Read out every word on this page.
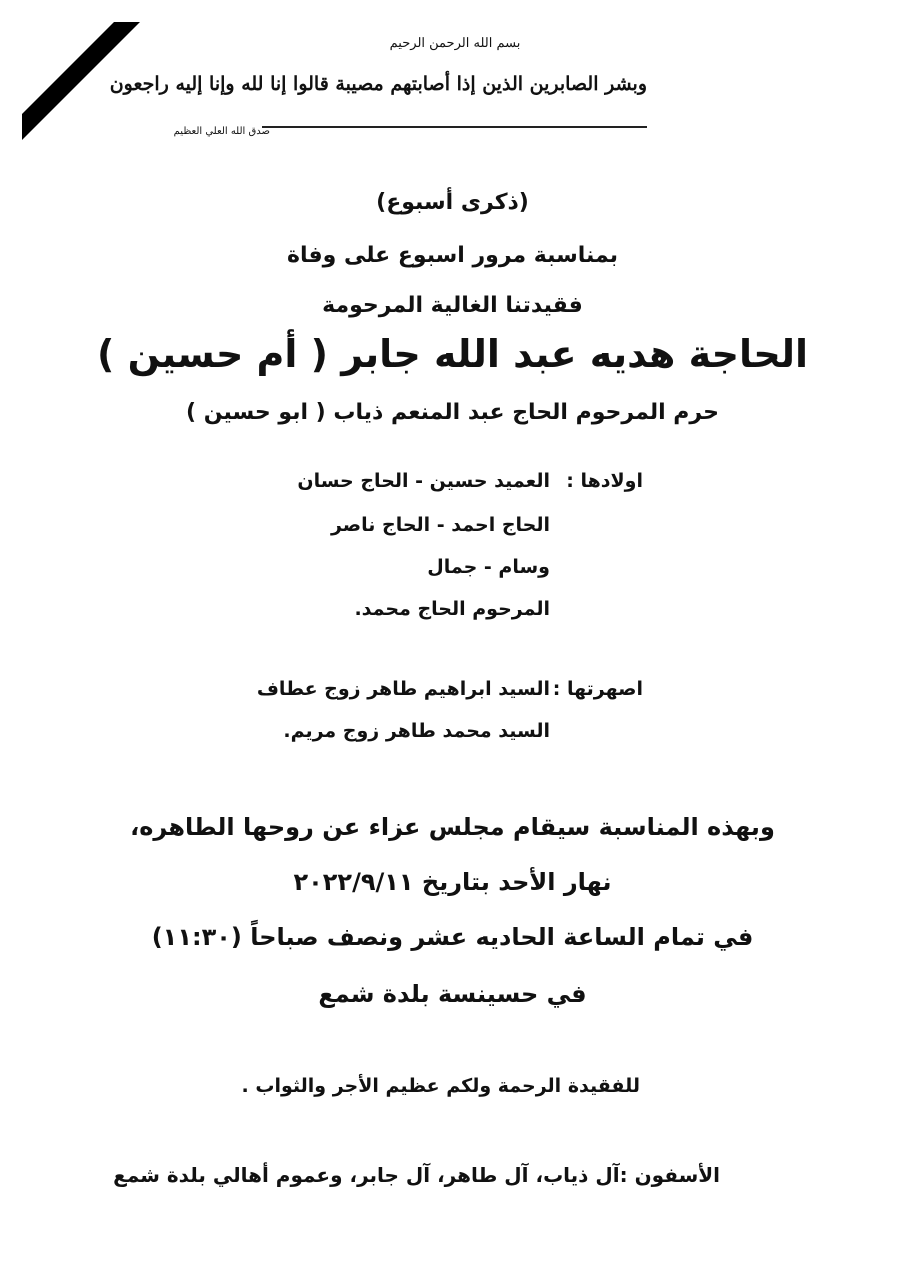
بسم الله الرحمن الرحيم
وبشر الصابرين الذين إذا أصابتهم مصيبة قالوا إنا لله وإنا إليه راجعون
صدق الله العلي العظيم
(ذكرى أسبوع)
بمناسبة مرور اسبوع على وفاة
فقيدتنا الغالية المرحومة
الحاجة هديه عبد الله جابر ( أم حسين )
حرم المرحوم الحاج عبد المنعم ذياب ( ابو حسين )
اولادها :
العميد حسين - الحاج حسان
الحاج احمد - الحاج ناصر
وسام - جمال
المرحوم الحاج محمد.
اصهرتها :
السيد ابراهيم طاهر زوج عطاف
السيد محمد طاهر زوج مريم.
وبهذه المناسبة سيقام مجلس عزاء عن روحها الطاهره،
نهار الأحد بتاريخ ٢٠٢٢/٩/١١
في تمام الساعة الحاديه عشر ونصف صباحاً (١١:٣٠)
في حسينسة بلدة شمع
للفقيدة الرحمة ولكم عظيم الأجر والثواب .
الأسفون :آل ذياب، آل طاهر، آل جابر، وعموم أهالي بلدة شمع
